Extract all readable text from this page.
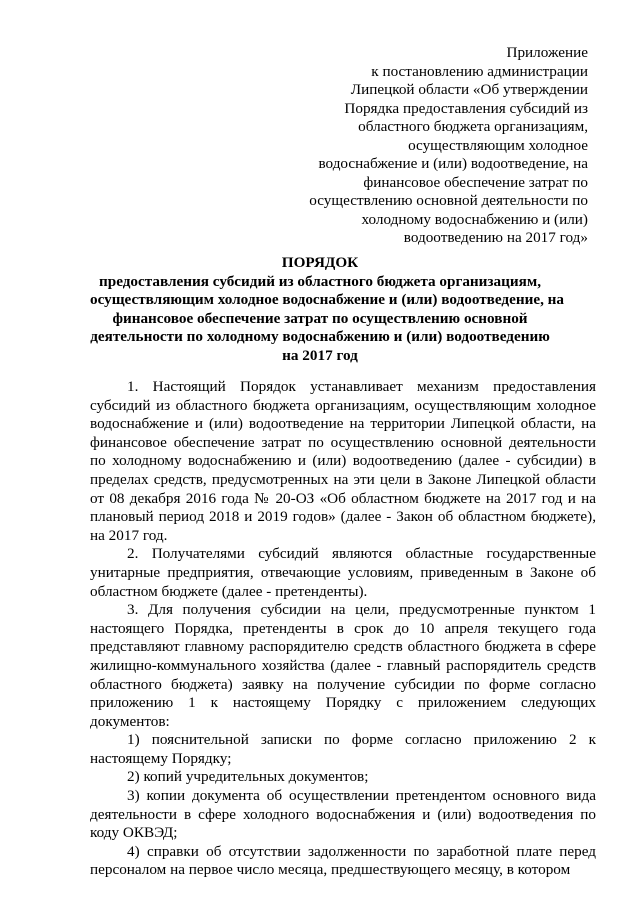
Приложение
к постановлению администрации
Липецкой области «Об утверждении
Порядка предоставления субсидий из
областного бюджета организациям,
осуществляющим холодное
водоснабжение и (или) водоотведение, на
финансовое обеспечение затрат по
осуществлению основной деятельности по
холодному водоснабжению и (или)
водоотведению на 2017 год»
ПОРЯДОК
предоставления субсидий из областного бюджета организациям,
осуществляющим холодное водоснабжение и (или) водоотведение, на
финансовое обеспечение затрат по осуществлению основной
деятельности по холодному водоснабжению и (или) водоотведению
на 2017 год

1. Настоящий Порядок устанавливает механизм предоставления субсидий из областного бюджета организациям, осуществляющим холодное водоснабжение и (или) водоотведение на территории Липецкой области, на финансовое обеспечение затрат по осуществлению основной деятельности по холодному водоснабжению и (или) водоотведению (далее - субсидии) в пределах средств, предусмотренных на эти цели в Законе Липецкой области от 08 декабря 2016 года № 20-ОЗ «Об областном бюджете на 2017 год и на плановый период 2018 и 2019 годов» (далее - Закон об областном бюджете), на 2017 год.

2. Получателями субсидий являются областные государственные унитарные предприятия, отвечающие условиям, приведенным в Законе об областном бюджете (далее - претенденты).

3. Для получения субсидии на цели, предусмотренные пунктом 1 настоящего Порядка, претенденты в срок до 10 апреля текущего года представляют главному распорядителю средств областного бюджета в сфере жилищно-коммунального хозяйства (далее - главный распорядитель средств областного бюджета) заявку на получение субсидии по форме согласно приложению 1 к настоящему Порядку с приложением следующих документов:

1) пояснительной записки по форме согласно приложению 2 к настоящему Порядку;

2) копий учредительных документов;

3) копии документа об осуществлении претендентом основного вида деятельности в сфере холодного водоснабжения и (или) водоотведения по коду ОКВЭД;

4) справки об отсутствии задолженности по заработной плате перед персоналом на первое число месяца, предшествующего месяцу, в котором
